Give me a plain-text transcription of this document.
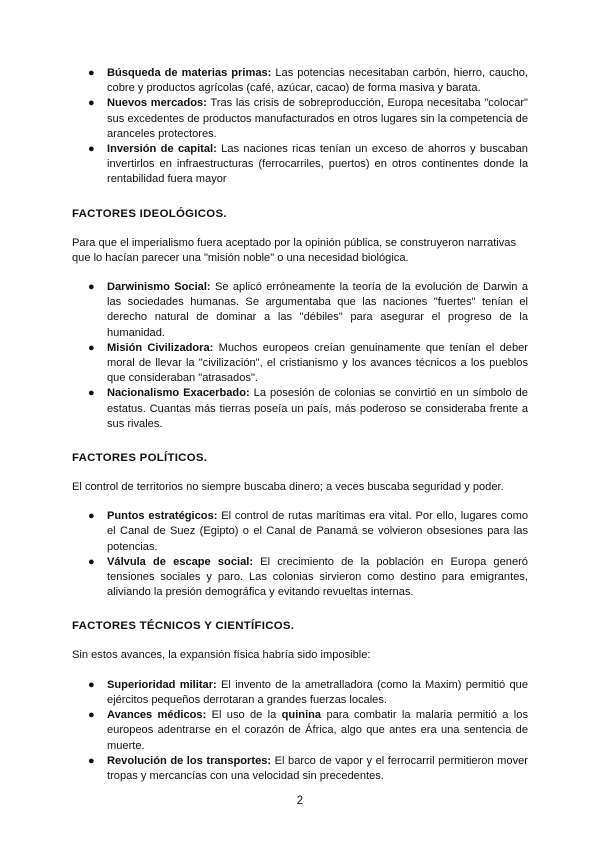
● Búsqueda de materias primas: Las potencias necesitaban carbón, hierro, caucho, cobre y productos agrícolas (café, azúcar, cacao) de forma masiva y barata.
● Nuevos mercados: Tras las crisis de sobreproducción, Europa necesitaba "colocar" sus excedentes de productos manufacturados en otros lugares sin la competencia de aranceles protectores.
● Inversión de capital: Las naciones ricas tenían un exceso de ahorros y buscaban invertirlos en infraestructuras (ferrocarriles, puertos) en otros continentes donde la rentabilidad fuera mayor
FACTORES IDEOLÓGICOS.

Para que el imperialismo fuera aceptado por la opinión pública, se construyeron narrativas que lo hacían parecer una "misión noble" o una necesidad biológica.

● Darwinismo Social: Se aplicó erróneamente la teoría de la evolución de Darwin a las sociedades humanas. Se argumentaba que las naciones "fuertes" tenían el derecho natural de dominar a las "débiles" para asegurar el progreso de la humanidad.
● Misión Civilizadora: Muchos europeos creían genuinamente que tenían el deber moral de llevar la "civilización", el cristianismo y los avances técnicos a los pueblos que consideraban "atrasados".
● Nacionalismo Exacerbado: La posesión de colonias se convirtió en un símbolo de estatus. Cuantas más tierras poseía un país, más poderoso se consideraba frente a sus rivales.
FACTORES POLÍTICOS.

El control de territorios no siempre buscaba dinero; a veces buscaba seguridad y poder.

● Puntos estratégicos: El control de rutas marítimas era vital. Por ello, lugares como el Canal de Suez (Egipto) o el Canal de Panamá se volvieron obsesiones para las potencias.
● Válvula de escape social: El crecimiento de la población en Europa generó tensiones sociales y paro. Las colonias sirvieron como destino para emigrantes, aliviando la presión demográfica y evitando revueltas internas.
FACTORES TÉCNICOS Y CIENTÍFICOS.

Sin estos avances, la expansión física habría sido imposible:

● Superioridad militar: El invento de la ametralladora (como la Maxim) permitió que ejércitos pequeños derrotaran a grandes fuerzas locales.
● Avances médicos: El uso de la quinina para combatir la malaria permitió a los europeos adentrarse en el corazón de África, algo que antes era una sentencia de muerte.
● Revolución de los transportes: El barco de vapor y el ferrocarril permitieron mover tropas y mercancías con una velocidad sin precedentes.
2
